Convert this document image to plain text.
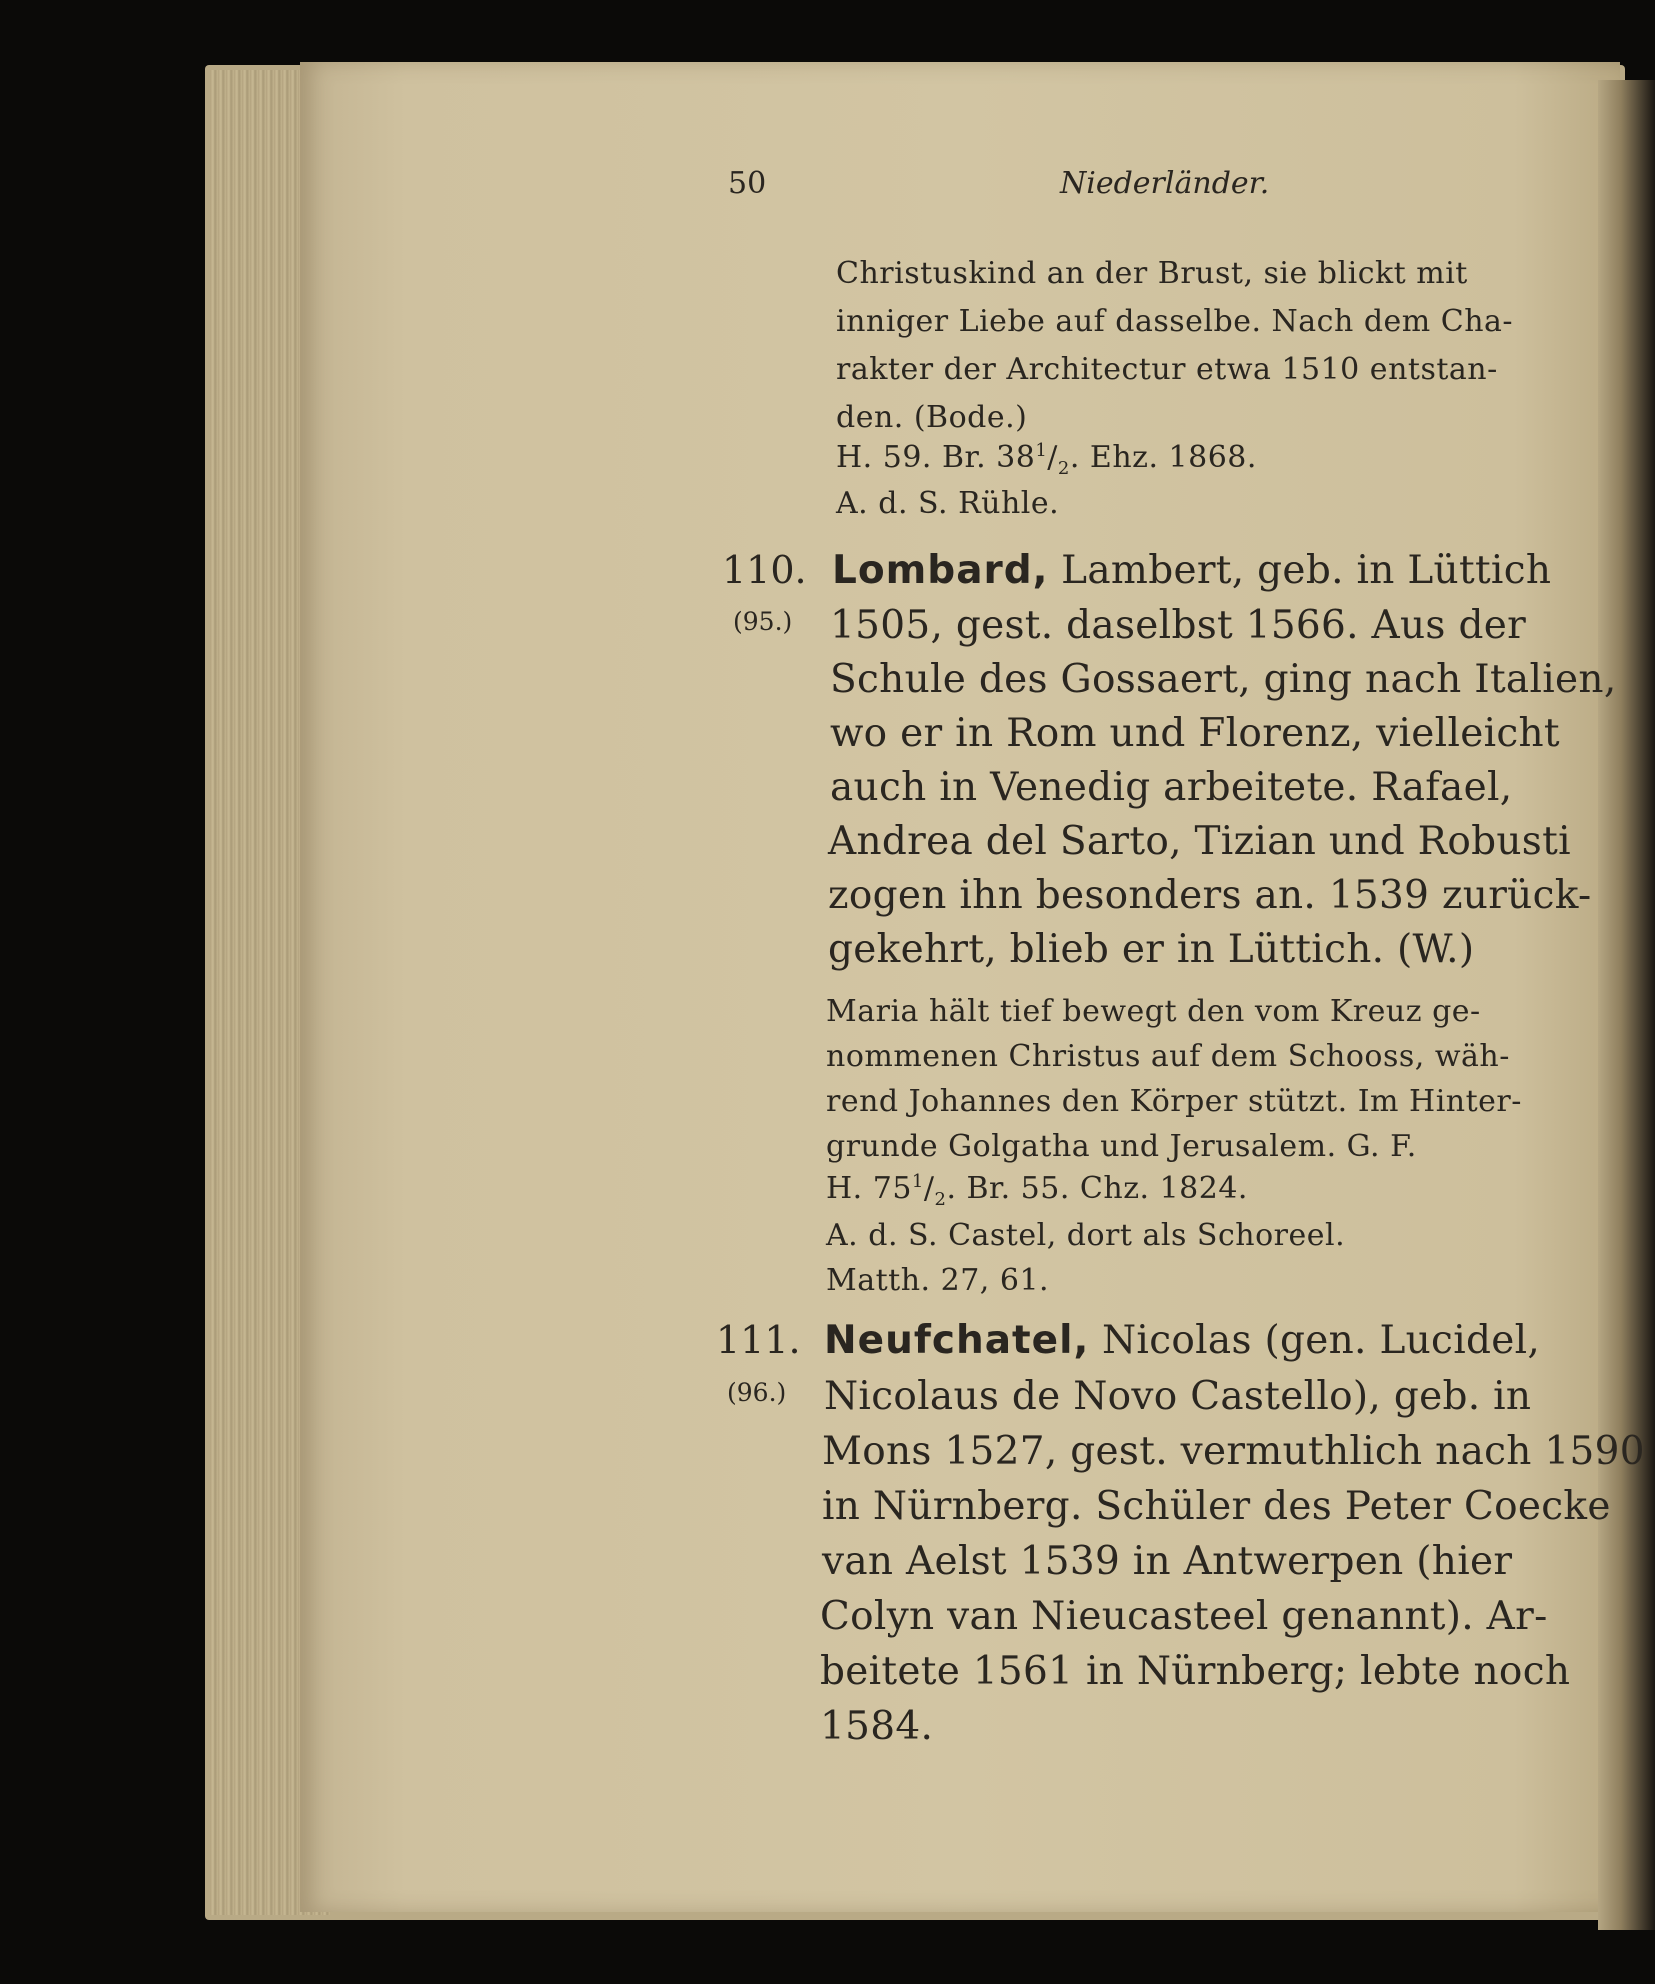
50	Niederländer.
Christuskind an der Brust, sie blickt mit
inniger Liebe auf dasselbe. Nach dem Cha-
rakter der Architectur etwa 1510 entstan-
den. (Bode.)
H. 59. Br. $38^1/_2$. Ehz. 1868.
A. d. S. Rühle.
110.
(95.)
Lombard, Lambert, geb. in Lüttich
1505, gest. daselbst 1566. Aus der
Schule des Gossaert, ging nach Italien,
wo er in Rom und Florenz, vielleicht
auch in Venedig arbeitete. Rafael,
Andrea del Sarto, Tizian und Robusti
zogen ihn besonders an. 1539 zurück-
gekehrt, blieb er in Lüttich. (W.)
Maria hält tief bewegt den vom Kreuz ge-
nommenen Christus auf dem Schooss, wäh-
rend Johannes den Körper stützt. Im Hinter-
grunde Golgatha und Jerusalem. G. F.
H. $75^1/_2$. Br. 55. Chz. 1824.
A. d. S. Castel, dort als Schoreel.
Matth. 27, 61.
111.
(96.)
Neufchatel, Nicolas (gen. Lucidel,
Nicolaus de Novo Castello), geb. in
Mons 1527, gest. vermuthlich nach 1590
in Nürnberg. Schüler des Peter Coecke
van Aelst 1539 in Antwerpen (hier
Colyn van Nieucasteel genannt). Ar-
beitete 1561 in Nürnberg; lebte noch
1584.
